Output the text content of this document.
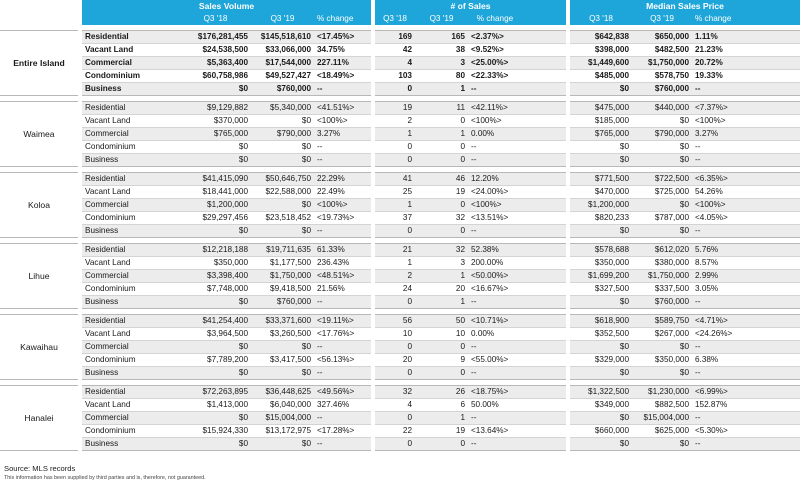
		Sales Volume					# of Sales					Median Sales Price			
			Q3 '18	Q3 '19	% change		Q3 '18	Q3 '19	% change			Q3 '18	Q3 '19	% change	

Entire Island		Residential	$176,281,455	$145,518,610	<17.45%>		169	165	<2.37%>			$642,838	$650,000	1.11%	
		Vacant Land	$24,538,500	$33,066,000	34.75%		42	38	<9.52%>			$398,000	$482,500	21.23%	
		Commercial	$5,363,400	$17,544,000	227.11%		4	3	<25.00%>			$1,449,600	$1,750,000	20.72%	
		Condominium	$60,758,986	$49,527,427	<18.49%>		103	80	<22.33%>			$485,000	$578,750	19.33%	
		Business	$0	$760,000	--		0	1	--			$0	$760,000	--	

Waimea		Residential	$9,129,882	$5,340,000	<41.51%>		19	11	<42.11%>			$475,000	$440,000	<7.37%>	
		Vacant Land	$370,000	$0	<100%>		2	0	<100%>			$185,000	$0	<100%>	
		Commercial	$765,000	$790,000	3.27%		1	1	0.00%			$765,000	$790,000	3.27%	
		Condominium	$0	$0	--		0	0	--			$0	$0	--	
		Business	$0	$0	--		0	0	--			$0	$0	--	

Koloa		Residential	$41,415,090	$50,646,750	22.29%		41	46	12.20%			$771,500	$722,500	<6.35%>	
		Vacant Land	$18,441,000	$22,588,000	22.49%		25	19	<24.00%>			$470,000	$725,000	54.26%	
		Commercial	$1,200,000	$0	<100%>		1	0	<100%>			$1,200,000	$0	<100%>	
		Condominium	$29,297,456	$23,518,452	<19.73%>		37	32	<13.51%>			$820,233	$787,000	<4.05%>	
		Business	$0	$0	--		0	0	--			$0	$0	--	

Lihue		Residential	$12,218,188	$19,711,635	61.33%		21	32	52.38%			$578,688	$612,020	5.76%	
		Vacant Land	$350,000	$1,177,500	236.43%		1	3	200.00%			$350,000	$380,000	8.57%	
		Commercial	$3,398,400	$1,750,000	<48.51%>		2	1	<50.00%>			$1,699,200	$1,750,000	2.99%	
		Condominium	$7,748,000	$9,418,500	21.56%		24	20	<16.67%>			$327,500	$337,500	3.05%	
		Business	$0	$760,000	--		0	1	--			$0	$760,000	--	

Kawaihau		Residential	$41,254,400	$33,371,600	<19.11%>		56	50	<10.71%>			$618,900	$589,750	<4.71%>	
		Vacant Land	$3,964,500	$3,260,500	<17.76%>		10	10	0.00%			$352,500	$267,000	<24.26%>	
		Commercial	$0	$0	--		0	0	--			$0	$0	--	
		Condominium	$7,789,200	$3,417,500	<56.13%>		20	9	<55.00%>			$329,000	$350,000	6.38%	
		Business	$0	$0	--		0	0	--			$0	$0	--	

Hanalei		Residential	$72,263,895	$36,448,625	<49.56%>		32	26	<18.75%>			$1,322,500	$1,230,000	<6.99%>	
		Vacant Land	$1,413,000	$6,040,000	327.46%		4	6	50.00%			$349,000	$882,500	152.87%	
		Commercial	$0	$15,004,000	--		0	1	--			$0	$15,004,000	--	
		Condominium	$15,924,330	$13,172,975	<17.28%>		22	19	<13.64%>			$660,000	$625,000	<5.30%>	
		Business	$0	$0	--		0	0	--			$0	$0	--	
Source: MLS records
This information has been supplied by third parties and is, therefore, not guaranteed.
